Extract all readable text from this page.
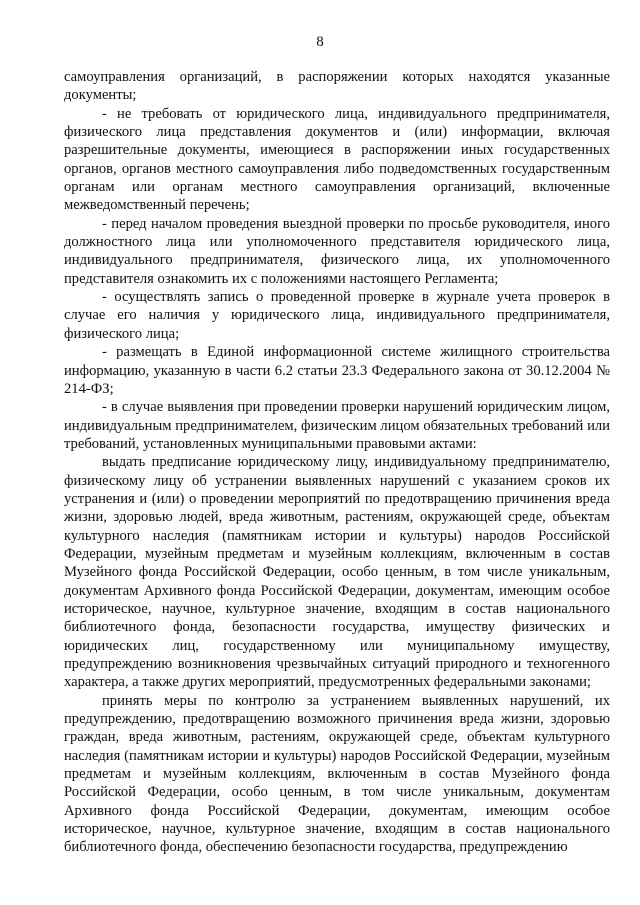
8

самоуправления организаций, в распоряжении которых находятся указанные документы;

- не требовать от юридического лица, индивидуального предпринимателя, физического лица представления документов и (или) информации, включая разрешительные документы, имеющиеся в распоряжении иных государственных органов, органов местного самоуправления либо подведомственных государственным органам или органам местного самоуправления организаций, включенные межведомственный перечень;

- перед началом проведения выездной проверки по просьбе руководителя, иного должностного лица или уполномоченного представителя юридического лица, индивидуального предпринимателя, физического лица, их уполномоченного представителя ознакомить их с положениями настоящего Регламента;

- осуществлять запись о проведенной проверке в журнале учета проверок в случае его наличия у юридического лица, индивидуального предпринимателя, физического лица;

- размещать в Единой информационной системе жилищного строительства информацию, указанную в части 6.2 статьи 23.3 Федерального закона от 30.12.2004 № 214-ФЗ;

- в случае выявления при проведении проверки нарушений юридическим лицом, индивидуальным предпринимателем, физическим лицом обязательных требований или требований, установленных муниципальными правовыми актами:

выдать предписание юридическому лицу, индивидуальному предпринимателю, физическому лицу об устранении выявленных нарушений с указанием сроков их устранения и (или) о проведении мероприятий по предотвращению причинения вреда жизни, здоровью людей, вреда животным, растениям, окружающей среде, объектам культурного наследия (памятникам истории и культуры) народов Российской Федерации, музейным предметам и музейным коллекциям, включенным в состав Музейного фонда Российской Федерации, особо ценным, в том числе уникальным, документам Архивного фонда Российской Федерации, документам, имеющим особое историческое, научное, культурное значение, входящим в состав национального библиотечного фонда, безопасности государства, имуществу физических и юридических лиц, государственному или муниципальному имуществу, предупреждению возникновения чрезвычайных ситуаций природного и техногенного характера, а также других мероприятий, предусмотренных федеральными законами;

принять меры по контролю за устранением выявленных нарушений, их предупреждению, предотвращению возможного причинения вреда жизни, здоровью граждан, вреда животным, растениям, окружающей среде, объектам культурного наследия (памятникам истории и культуры) народов Российской Федерации, музейным предметам и музейным коллекциям, включенным в состав Музейного фонда Российской Федерации, особо ценным, в том числе уникальным, документам Архивного фонда Российской Федерации, документам, имеющим особое историческое, научное, культурное значение, входящим в состав национального библиотечного фонда, обеспечению безопасности государства, предупреждению
